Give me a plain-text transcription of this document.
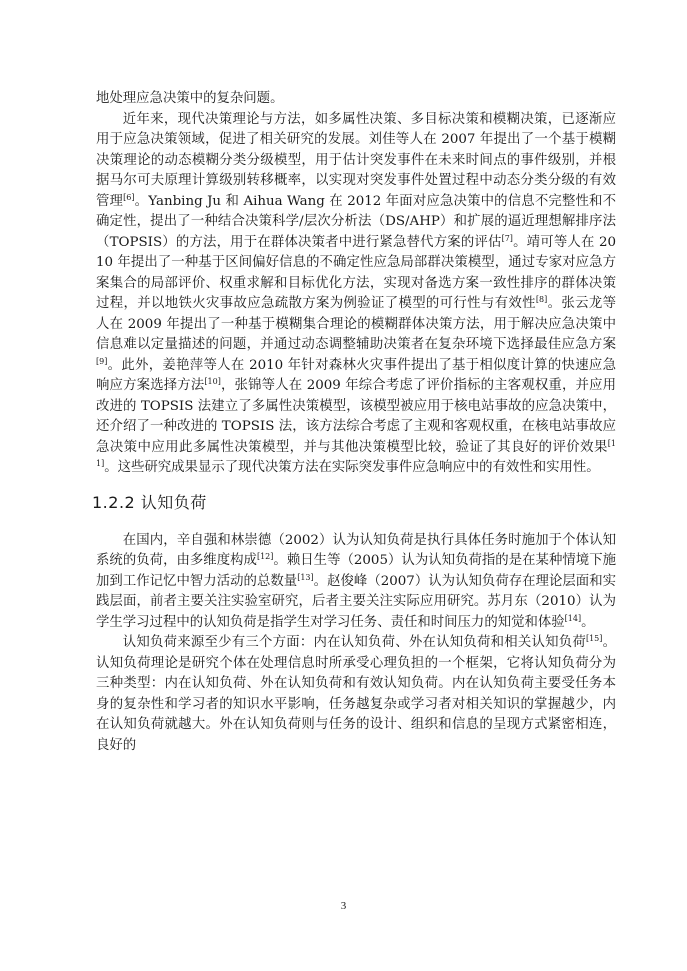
地处理应急决策中的复杂问题。

近年来，现代决策理论与方法，如多属性决策、多目标决策和模糊决策，已逐渐应用于应急决策领域，促进了相关研究的发展。刘佳等人在 2007 年提出了一个基于模糊决策理论的动态模糊分类分级模型，用于估计突发事件在未来时间点的事件级别，并根据马尔可夫原理计算级别转移概率，以实现对突发事件处置过程中动态分类分级的有效管理[6]。Yanbing Ju 和 Aihua Wang 在 2012 年面对应急决策中的信息不完整性和不确定性，提出了一种结合决策科学/层次分析法（DS/AHP）和扩展的逼近理想解排序法（TOPSIS）的方法，用于在群体决策者中进行紧急替代方案的评估[7]。靖可等人在 2010 年提出了一种基于区间偏好信息的不确定性应急局部群决策模型，通过专家对应急方案集合的局部评价、权重求解和目标优化方法，实现对备选方案一致性排序的群体决策过程，并以地铁火灾事故应急疏散方案为例验证了模型的可行性与有效性[8]。张云龙等人在 2009 年提出了一种基于模糊集合理论的模糊群体决策方法，用于解决应急决策中信息难以定量描述的问题，并通过动态调整辅助决策者在复杂环境下选择最佳应急方案[9]。此外，姜艳萍等人在 2010 年针对森林火灾事件提出了基于相似度计算的快速应急响应方案选择方法[10]，张锦等人在 2009 年综合考虑了评价指标的主客观权重，并应用改进的 TOPSIS 法建立了多属性决策模型，该模型被应用于核电站事故的应急决策中，还介绍了一种改进的 TOPSIS 法，该方法综合考虑了主观和客观权重，在核电站事故应急决策中应用此多属性决策模型，并与其他决策模型比较，验证了其良好的评价效果[11]。这些研究成果显示了现代决策方法在实际突发事件应急响应中的有效性和实用性。

1.2.2 认知负荷

在国内，辛自强和林崇德（2002）认为认知负荷是执行具体任务时施加于个体认知系统的负荷，由多维度构成[12]。赖日生等（2005）认为认知负荷指的是在某种情境下施加到工作记忆中智力活动的总数量[13]。赵俊峰（2007）认为认知负荷存在理论层面和实践层面，前者主要关注实验室研究，后者主要关注实际应用研究。苏月东（2010）认为学生学习过程中的认知负荷是指学生对学习任务、责任和时间压力的知觉和体验[14]。

认知负荷来源至少有三个方面：内在认知负荷、外在认知负荷和相关认知负荷[15]。认知负荷理论是研究个体在处理信息时所承受心理负担的一个框架，它将认知负荷分为三种类型：内在认知负荷、外在认知负荷和有效认知负荷。内在认知负荷主要受任务本身的复杂性和学习者的知识水平影响，任务越复杂或学习者对相关知识的掌握越少，内在认知负荷就越大。外在认知负荷则与任务的设计、组织和信息的呈现方式紧密相连，良好的

3
